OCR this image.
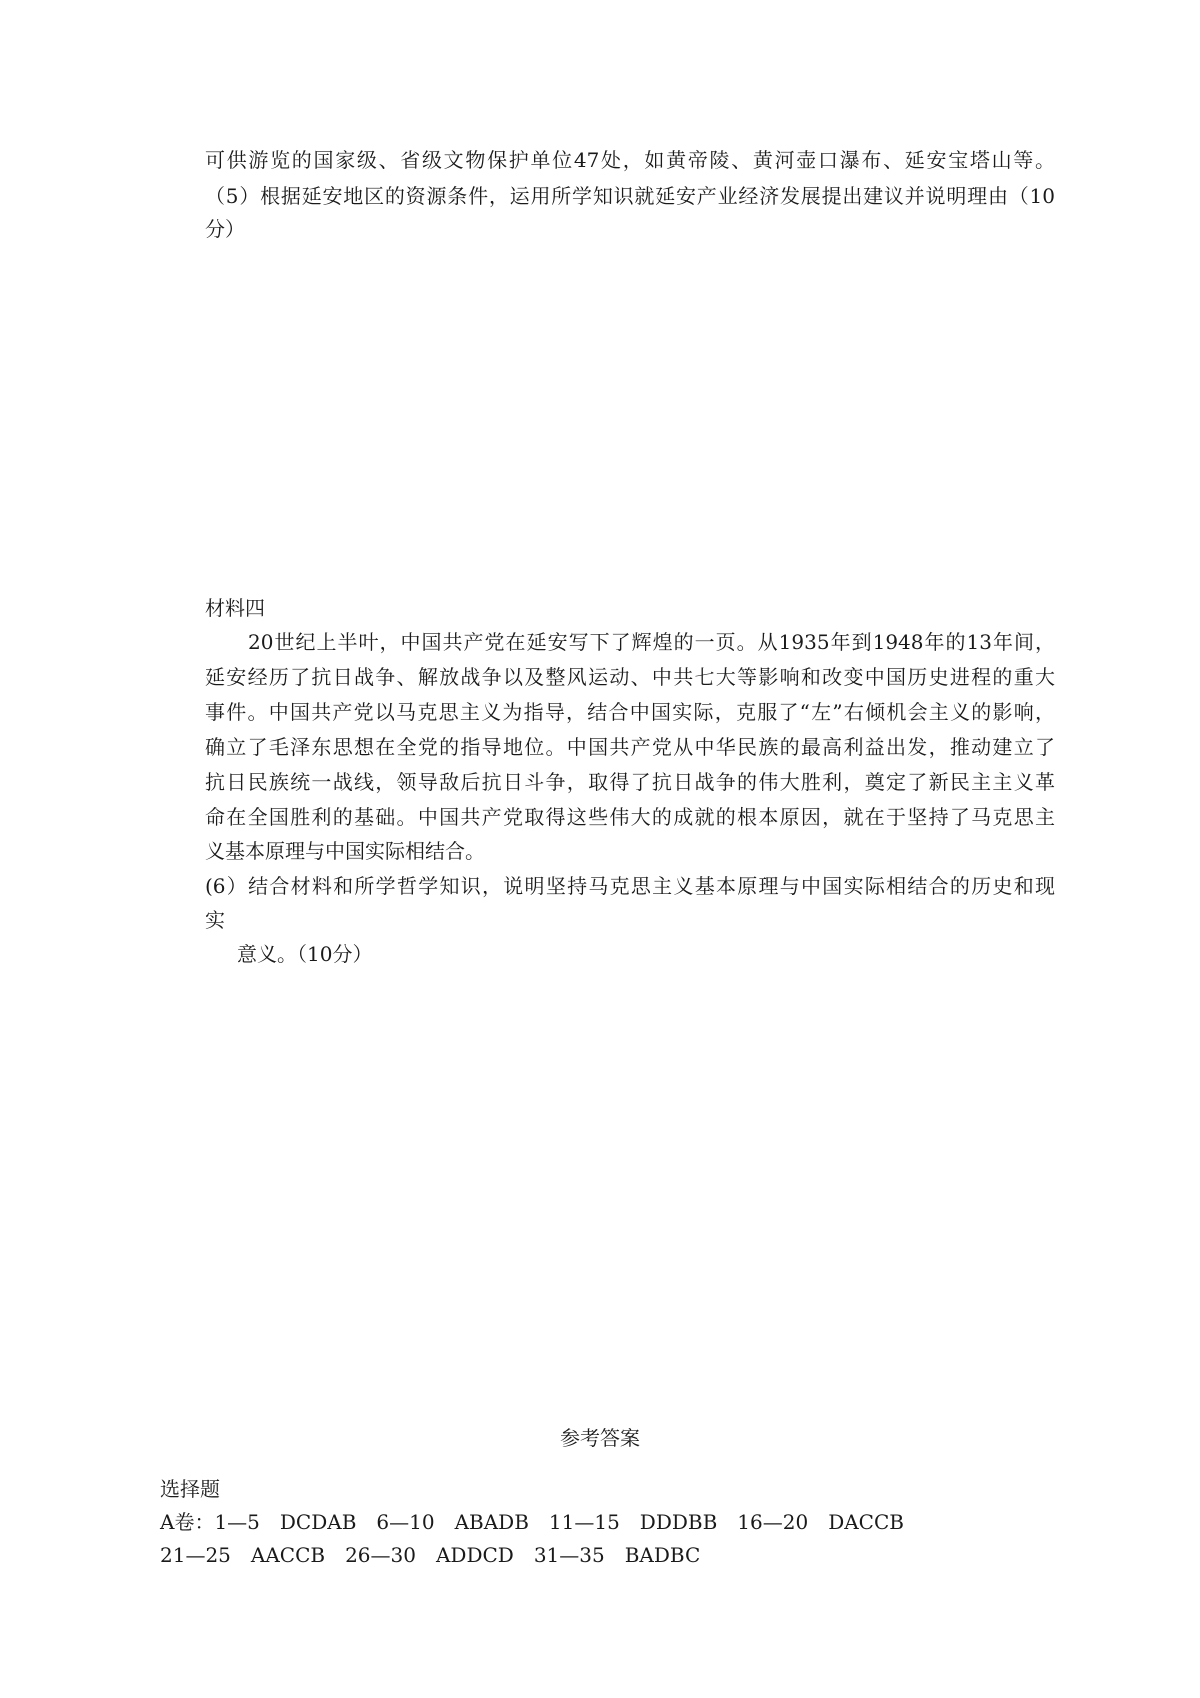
可供游览的国家级、省级文物保护单位47处，如黄帝陵、黄河壶口瀑布、延安宝塔山等。
（5）根据延安地区的资源条件，运用所学知识就延安产业经济发展提出建议并说明理由（10
分）
材料四
20世纪上半叶，中国共产党在延安写下了辉煌的一页。从1935年到1948年的13年间，
延安经历了抗日战争、解放战争以及整风运动、中共七大等影响和改变中国历史进程的重大
事件。中国共产党以马克思主义为指导，结合中国实际，克服了“左”右倾机会主义的影响，
确立了毛泽东思想在全党的指导地位。中国共产党从中华民族的最高利益出发，推动建立了
抗日民族统一战线，领导敌后抗日斗争，取得了抗日战争的伟大胜利，奠定了新民主主义革
命在全国胜利的基础。中国共产党取得这些伟大的成就的根本原因，就在于坚持了马克思主
义基本原理与中国实际相结合。
(6）结合材料和所学哲学知识，说明坚持马克思主义基本原理与中国实际相结合的历史和现
实
意义。（10分）
参考答案
选择题
A卷：1—5　DCDAB　6—10　ABADB　11—15　DDDBB　16—20　DACCB
21—25　AACCB　26—30　ADDCD　31—35　BADBC
